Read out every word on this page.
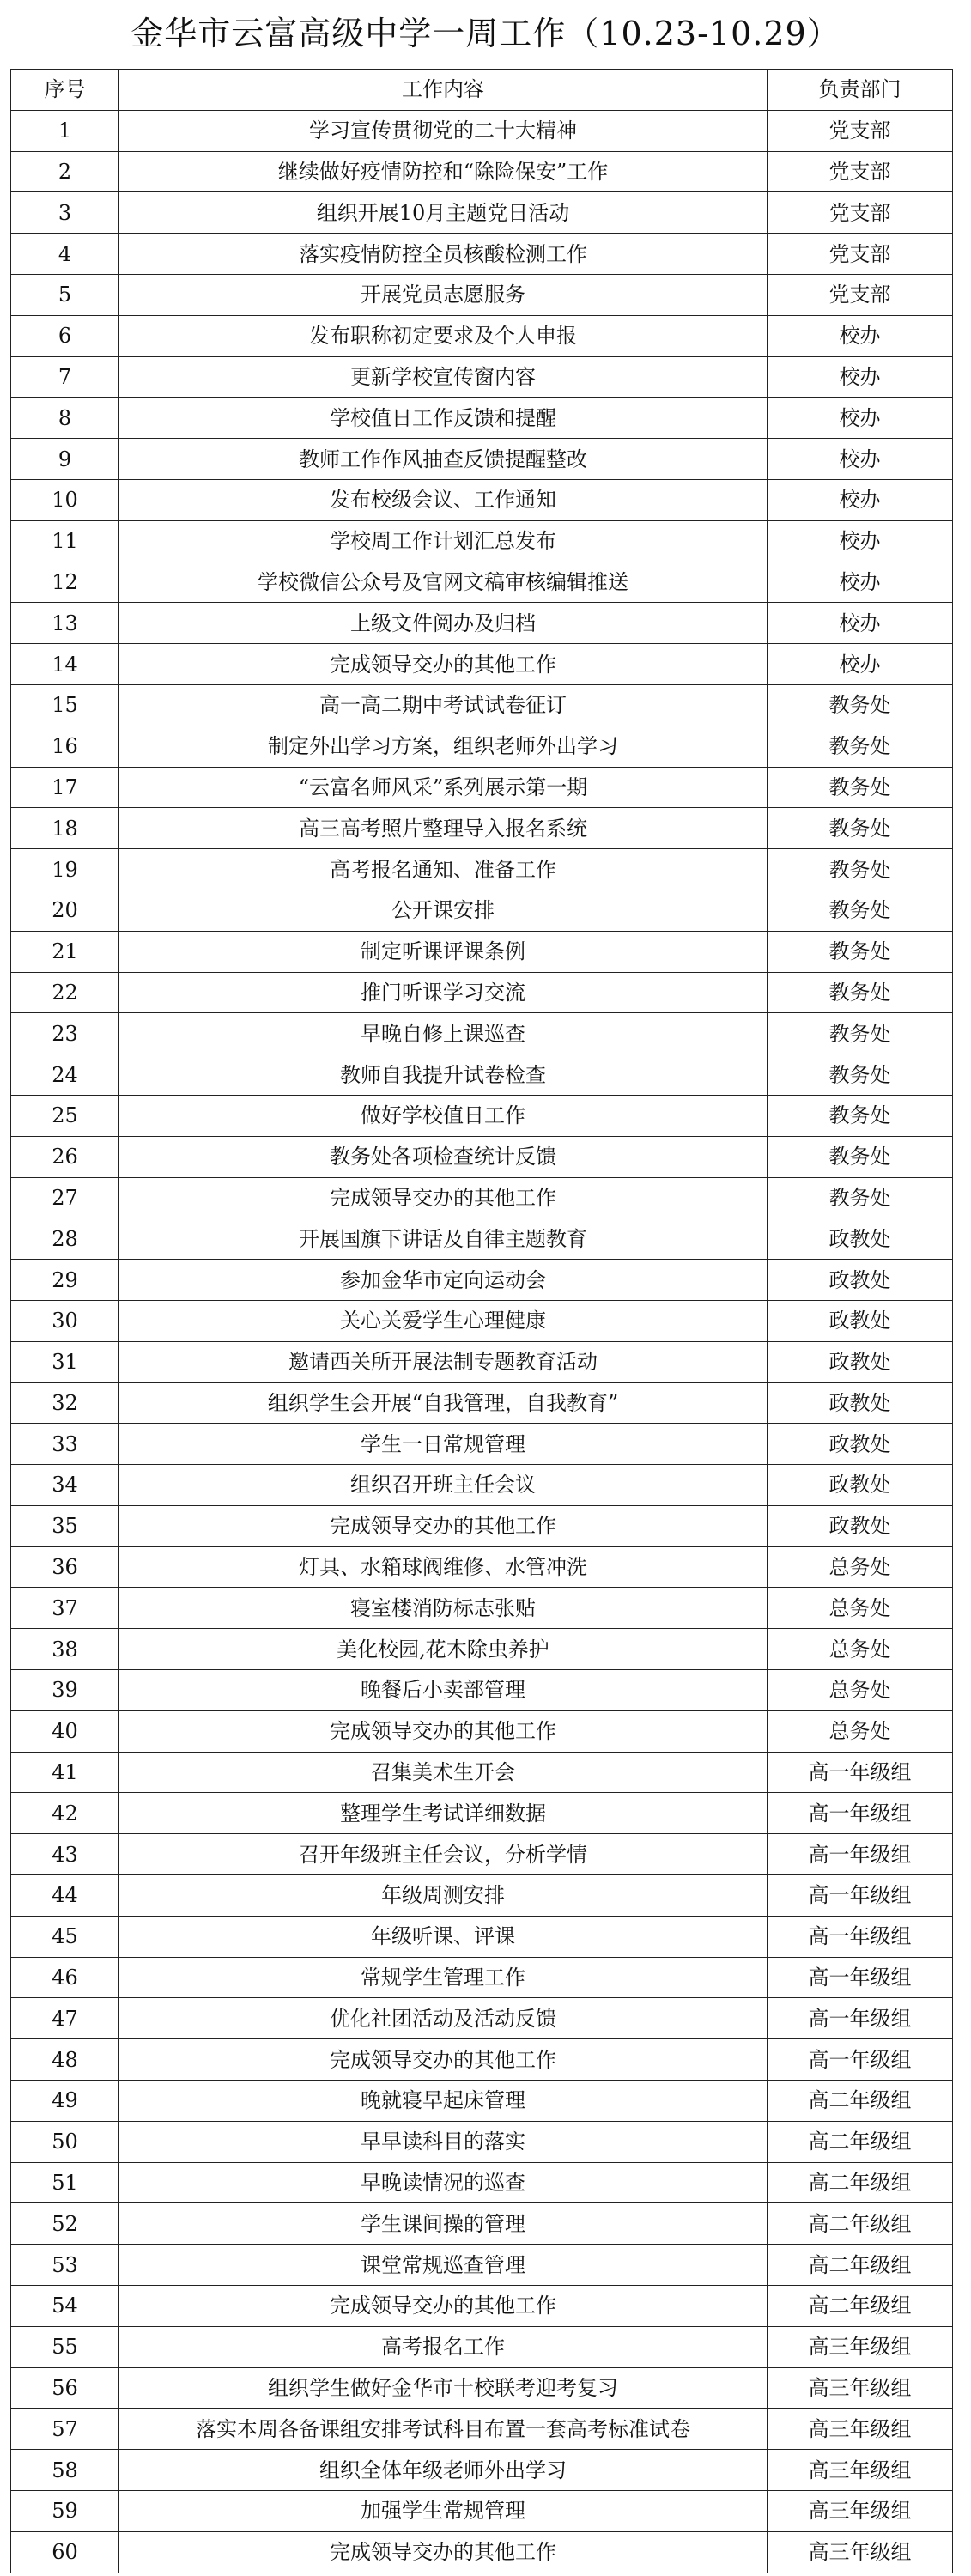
金华市云富高级中学一周工作（10.23-10.29）
序号	工作内容	负责部门
1	学习宣传贯彻党的二十大精神	党支部
2	继续做好疫情防控和“除险保安”工作	党支部
3	组织开展10月主题党日活动	党支部
4	落实疫情防控全员核酸检测工作	党支部
5	开展党员志愿服务	党支部
6	发布职称初定要求及个人申报	校办
7	更新学校宣传窗内容	校办
8	学校值日工作反馈和提醒	校办
9	教师工作作风抽查反馈提醒整改	校办
10	发布校级会议、工作通知	校办
11	学校周工作计划汇总发布	校办
12	学校微信公众号及官网文稿审核编辑推送	校办
13	上级文件阅办及归档	校办
14	完成领导交办的其他工作	校办
15	高一高二期中考试试卷征订	教务处
16	制定外出学习方案，组织老师外出学习	教务处
17	“云富名师风采”系列展示第一期	教务处
18	高三高考照片整理导入报名系统	教务处
19	高考报名通知、准备工作	教务处
20	公开课安排	教务处
21	制定听课评课条例	教务处
22	推门听课学习交流	教务处
23	早晚自修上课巡查	教务处
24	教师自我提升试卷检查	教务处
25	做好学校值日工作	教务处
26	教务处各项检查统计反馈	教务处
27	完成领导交办的其他工作	教务处
28	开展国旗下讲话及自律主题教育	政教处
29	参加金华市定向运动会	政教处
30	关心关爱学生心理健康	政教处
31	邀请西关所开展法制专题教育活动	政教处
32	组织学生会开展“自我管理，自我教育”	政教处
33	学生一日常规管理	政教处
34	组织召开班主任会议	政教处
35	完成领导交办的其他工作	政教处
36	灯具、水箱球阀维修、水管冲洗	总务处
37	寝室楼消防标志张贴	总务处
38	美化校园,花木除虫养护	总务处
39	晚餐后小卖部管理	总务处
40	完成领导交办的其他工作	总务处
41	召集美术生开会	高一年级组
42	整理学生考试详细数据	高一年级组
43	召开年级班主任会议，分析学情	高一年级组
44	年级周测安排	高一年级组
45	年级听课、评课	高一年级组
46	常规学生管理工作	高一年级组
47	优化社团活动及活动反馈	高一年级组
48	完成领导交办的其他工作	高一年级组
49	晚就寝早起床管理	高二年级组
50	早早读科目的落实	高二年级组
51	早晚读情况的巡查	高二年级组
52	学生课间操的管理	高二年级组
53	课堂常规巡查管理	高二年级组
54	完成领导交办的其他工作	高二年级组
55	高考报名工作	高三年级组
56	组织学生做好金华市十校联考迎考复习	高三年级组
57	落实本周各备课组安排考试科目布置一套高考标准试卷	高三年级组
58	组织全体年级老师外出学习	高三年级组
59	加强学生常规管理	高三年级组
60	完成领导交办的其他工作	高三年级组
